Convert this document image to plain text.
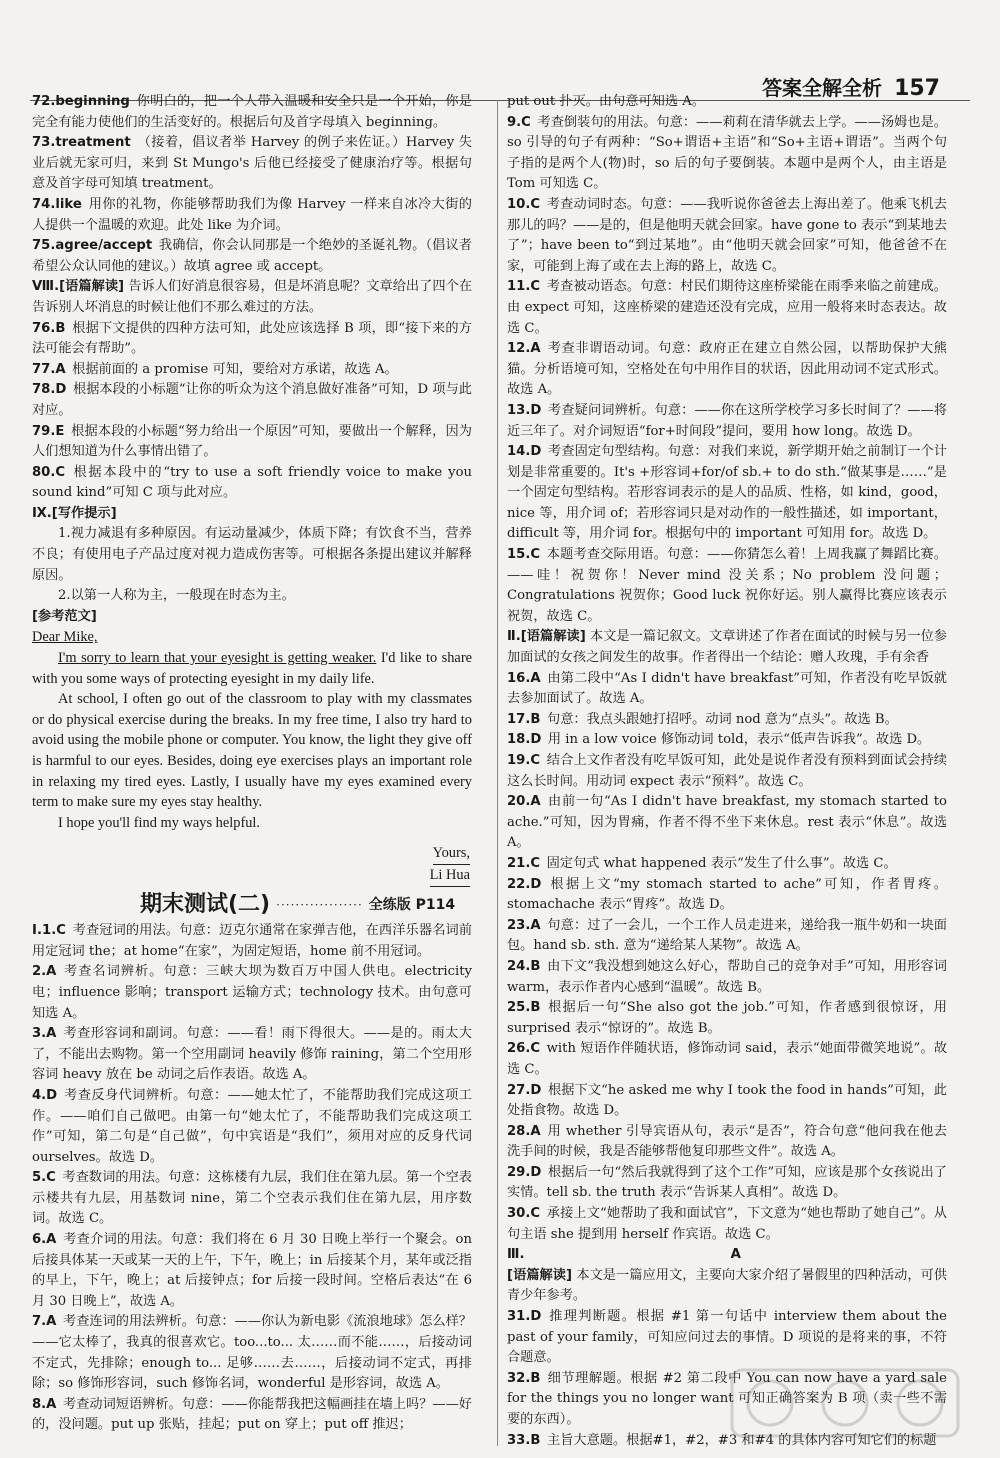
答案全解全析 157

72.beginning  你明白的，把一个人带入温暖和安全只是一个开始，你是完全有能力使他们的生活变好的。根据后句及首字母填入 beginning。

73.treatment  （接着，倡议者举 Harvey 的例子来佐证。）Harvey 失业后就无家可归，来到 St Mungo's 后他已经接受了健康治疗等。根据句意及首字母可知填 treatment。

74.like  用你的礼物，你能够帮助我们为像 Harvey 一样来自冰冷大街的人提供一个温暖的欢迎。此处 like 为介词。

75.agree/accept  我确信，你会认同那是一个绝妙的圣诞礼物。（倡议者希望公众认同他的建议。）故填 agree 或 accept。

Ⅷ.[语篇解读] 告诉人们好消息很容易，但是坏消息呢？文章给出了四个在告诉别人坏消息的时候让他们不那么难过的方法。

76.B  根据下文提供的四种方法可知，此处应该选择 B 项，即“接下来的方法可能会有帮助”。

77.A  根据前面的 a promise 可知，要给对方承诺，故选 A。

78.D  根据本段的小标题“让你的听众为这个消息做好准备”可知，D 项与此对应。

79.E  根据本段的小标题“努力给出一个原因”可知，要做出一个解释，因为人们想知道为什么事情出错了。

80.C  根据本段中的“try to use a soft friendly voice to make you sound kind”可知 C 项与此对应。

Ⅸ.[写作提示]

1.视力减退有多种原因。有运动量减少，体质下降；有饮食不当，营养不良；有使用电子产品过度对视力造成伤害等。可根据各条提出建议并解释原因。

2.以第一人称为主，一般现在时态为主。

[参考范文]

Dear Mike,

I'm sorry to learn that your eyesight is getting weaker. I'd like to share with you some ways of protecting eyesight in my daily life.

At school, I often go out of the classroom to play with my classmates or do physical exercise during the breaks. In my free time, I also try hard to avoid using the mobile phone or computer. You know, the light they give off is harmful to our eyes. Besides, doing eye exercises plays an important role in relaxing my tired eyes. Lastly, I usually have my eyes examined every term to make sure my eyes stay healthy.

I hope you'll find my ways helpful.

Yours,
Li Hua
期末测试(二) ·················· 全练版 P114

Ⅰ.1.C  考查冠词的用法。句意：迈克尔通常在家弹吉他，在西洋乐器名词前用定冠词 the；at home“在家”，为固定短语，home 前不用冠词。

2.A  考查名词辨析。句意：三峡大坝为数百万中国人供电。electricity 电；influence 影响；transport 运输方式；technology 技术。由句意可知选 A。

3.A  考查形容词和副词。句意：——看！雨下得很大。——是的。雨太大了，不能出去购物。第一个空用副词 heavily 修饰 raining，第二个空用形容词 heavy 放在 be 动词之后作表语。故选 A。

4.D  考查反身代词辨析。句意：——她太忙了，不能帮助我们完成这项工作。——咱们自己做吧。由第一句“她太忙了，不能帮助我们完成这项工作”可知，第二句是“自己做”，句中宾语是“我们”，须用对应的反身代词 ourselves。故选 D。

5.C  考查数词的用法。句意：这栋楼有九层，我们住在第九层。第一个空表示楼共有九层，用基数词 nine，第二个空表示我们住在第九层，用序数词。故选 C。

6.A  考查介词的用法。句意：我们将在 6 月 30 日晚上举行一个聚会。on 后接具体某一天或某一天的上午，下午，晚上；in 后接某个月，某年或泛指的早上，下午，晚上；at 后接钟点；for 后接一段时间。空格后表达“在 6 月 30 日晚上”，故选 A。

7.A  考查连词的用法辨析。句意：——你认为新电影《流浪地球》怎么样？——它太棒了，我真的很喜欢它。too...to... 太……而不能……，后接动词不定式，先排除；enough to... 足够……去……，后接动词不定式，再排除；so 修饰形容词，such 修饰名词，wonderful 是形容词，故选 A。

8.A  考查动词短语辨析。句意：——你能帮我把这幅画挂在墙上吗？——好的，没问题。put up 张贴，挂起；put on 穿上；put off 推迟；

put out 扑灭。由句意可知选 A。

9.C  考查倒装句的用法。句意：——莉莉在清华就去上学。——汤姆也是。so 引导的句子有两种：“So+谓语+主语”和“So+主语+谓语”。当两个句子指的是两个人(物)时，so 后的句子要倒装。本题中是两个人，由主语是 Tom 可知选 C。

10.C  考查动词时态。句意：——我听说你爸爸去上海出差了。他乘飞机去那儿的吗？——是的，但是他明天就会回家。have gone to 表示“到某地去了”；have been to“到过某地”。由“他明天就会回家”可知，他爸爸不在家，可能到上海了或在去上海的路上，故选 C。

11.C  考查被动语态。句意：村民们期待这座桥梁能在雨季来临之前建成。由 expect 可知，这座桥梁的建造还没有完成，应用一般将来时态表达。故选 C。

12.A  考查非谓语动词。句意：政府正在建立自然公园，以帮助保护大熊猫。分析语境可知，空格处在句中用作目的状语，因此用动词不定式形式。故选 A。

13.D  考查疑问词辨析。句意：——你在这所学校学习多长时间了？——将近三年了。对介词短语“for+时间段”提问，要用 how long。故选 D。

14.D  考查固定句型结构。句意：对我们来说，新学期开始之前制订一个计划是非常重要的。It's +形容词+for/of sb.+ to do sth.“做某事是……”是一个固定句型结构。若形容词表示的是人的品质、性格，如 kind，good，nice 等，用介词 of；若形容词只是对动作的一般性描述，如 important，difficult 等，用介词 for。根据句中的 important 可知用 for。故选 D。

15.C  本题考查交际用语。句意：——你猜怎么着！上周我赢了舞蹈比赛。——哇！祝贺你！Never mind 没关系；No problem 没问题；Congratulations 祝贺你；Good luck 祝你好运。别人赢得比赛应该表示祝贺，故选 C。

Ⅱ.[语篇解读] 本文是一篇记叙文。文章讲述了作者在面试的时候与另一位参加面试的女孩之间发生的故事。作者得出一个结论：赠人玫瑰，手有余香

16.A  由第二段中“As I didn't have breakfast”可知，作者没有吃早饭就去参加面试了。故选 A。

17.B  句意：我点头跟她打招呼。动词 nod 意为“点头”。故选 B。

18.D  用 in a low voice 修饰动词 told，表示“低声告诉我”。故选 D。

19.C  结合上文作者没有吃早饭可知，此处是说作者没有预料到面试会持续这么长时间。用动词 expect 表示“预料”。故选 C。

20.A  由前一句“As I didn't have breakfast, my stomach started to ache.”可知，因为胃痛，作者不得不坐下来休息。rest 表示“休息”。故选 A。

21.C  固定句式 what happened 表示“发生了什么事”。故选 C。

22.D  根据上文“my stomach started to ache”可知，作者胃疼。stomachache 表示“胃疼”。故选 D。

23.A  句意：过了一会儿，一个工作人员走进来，递给我一瓶牛奶和一块面包。hand sb. sth. 意为“递给某人某物”。故选 A。

24.B  由下文“我没想到她这么好心，帮助自己的竞争对手”可知，用形容词 warm，表示作者内心感到“温暖”。故选 B。

25.B  根据后一句“She also got the job.”可知，作者感到很惊讶，用 surprised 表示“惊讶的”。故选 B。

26.C  with 短语作伴随状语，修饰动词 said，表示“她面带微笑地说”。故选 C。

27.D  根据下文“he asked me why I took the food in hands”可知，此处指食物。故选 D。

28.A  用 whether 引导宾语从句，表示“是否”，符合句意“他问我在他去洗手间的时候，我是否能够帮他复印那些文件”。故选 A。

29.D  根据后一句“然后我就得到了这个工作”可知，应该是那个女孩说出了实情。tell sb. the truth 表示“告诉某人真相”。故选 D。

30.C  承接上文“她帮助了我和面试官”，下文意为“她也帮助了她自己”。从句主语 she 提到用 herself 作宾语。故选 C。

Ⅲ.	A

[语篇解读] 本文是一篇应用文，主要向大家介绍了暑假里的四种活动，可供青少年参考。

31.D  推理判断题。根据 #1 第一句话中 interview them about the past of your family，可知应问过去的事情。D 项说的是将来的事，不符合题意。

32.B  细节理解题。根据 #2 第二段中 You can now have a yard sale for the things you no longer want 可知正确答案为 B 项（卖一些不需要的东西）。

33.B  主旨大意题。根据#1，#2，#3 和#4 的具体内容可知它们的标题
